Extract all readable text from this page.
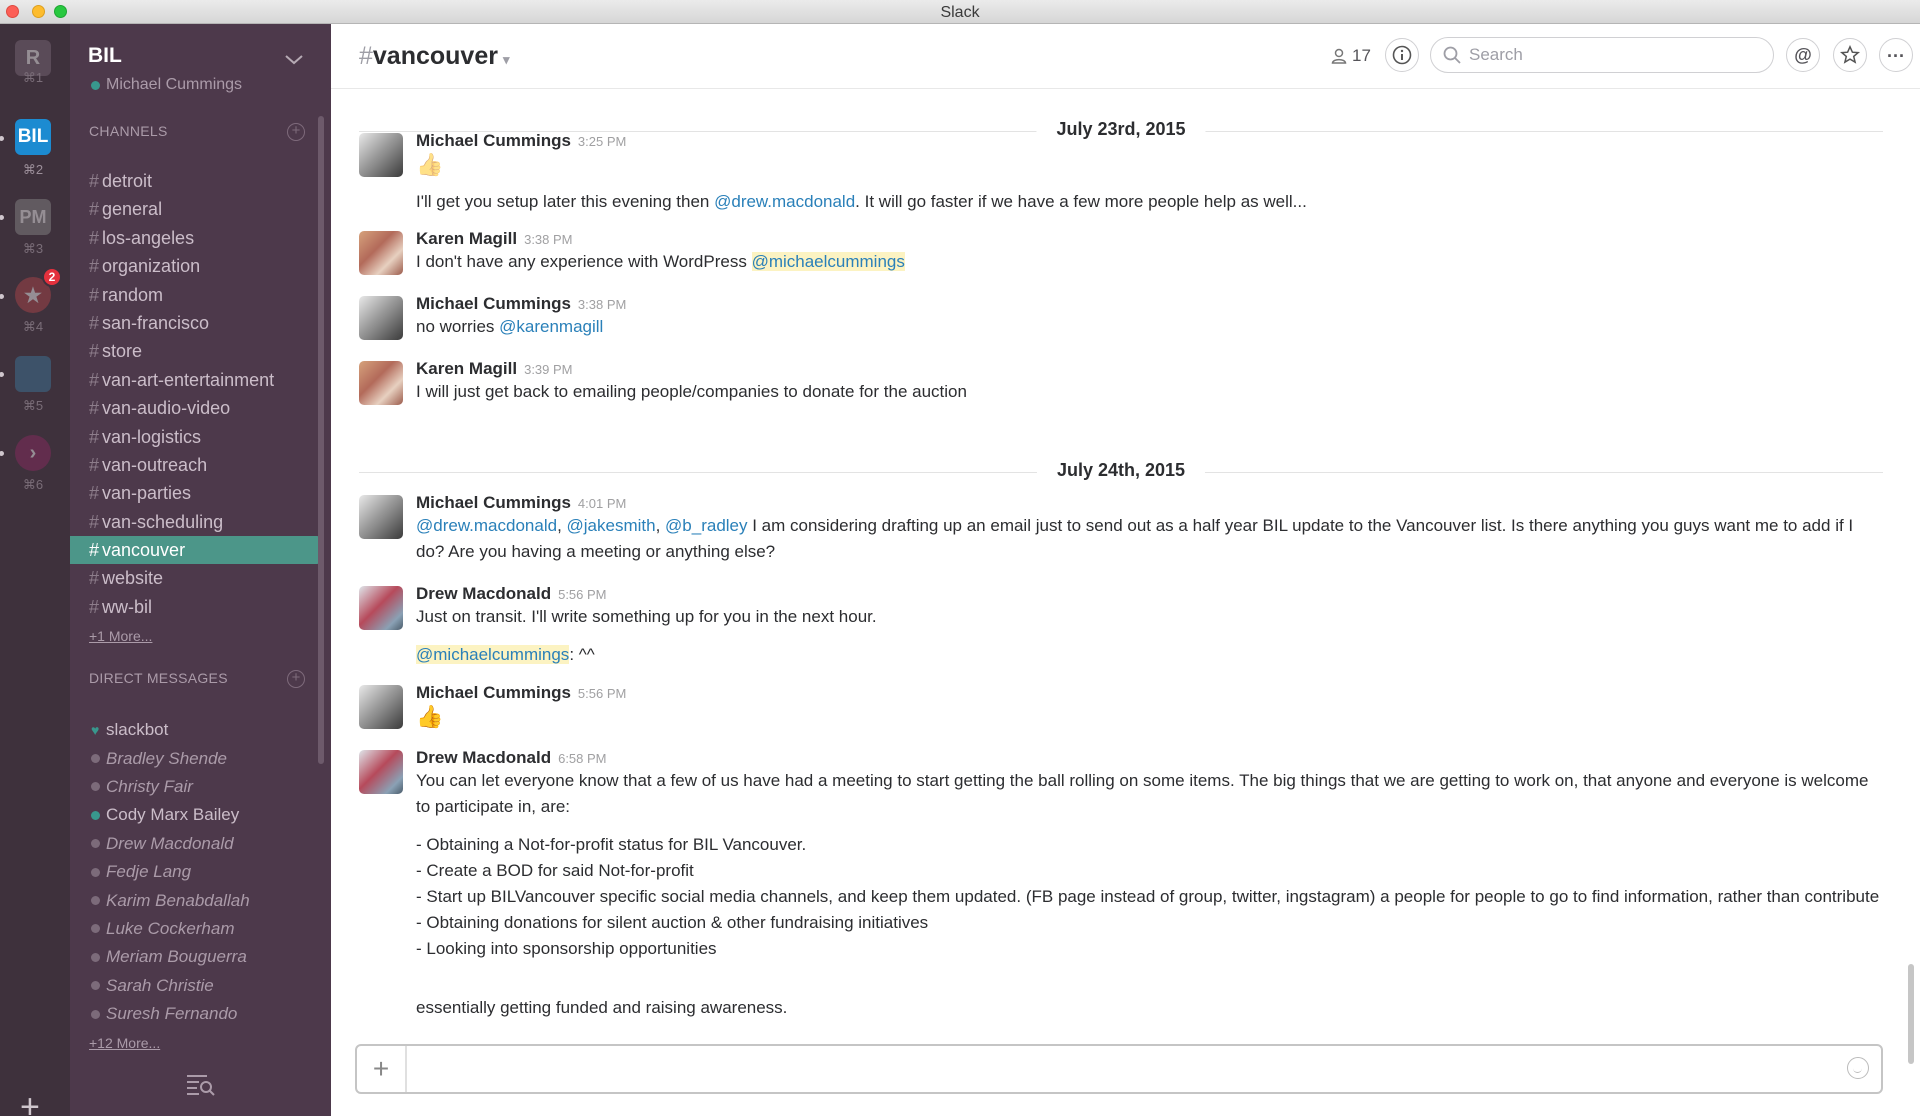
Slack
R
⌘1
BIL
⌘2
PM
⌘3
★
2
⌘4
⌘5
›
⌘6
+
BIL
Michael Cummings
CHANNELS	+
# detroit
# general
# los-angeles
# organization
# random
# san-francisco
# store
# van-art-entertainment
# van-audio-video
# van-logistics
# van-outreach
# van-parties
# van-scheduling
# vancouver
# website
# ww-bil
+1 More...
DIRECT MESSAGES	+
♥ slackbot
Bradley Shende
Christy Fair
Cody Marx Bailey
Drew Macdonald
Fedje Lang
Karim Benabdallah
Luke Cockerham
Meriam Bouguerra
Sarah Christie
Suresh Fernando
+12 More...
#vancouver ▾	17
Search	@	...
July 23rd, 2015
Michael Cummings 3:25 PM
👍
I'll get you setup later this evening then @drew.macdonald. It will go faster if we have a few more people help as well...
Karen Magill 3:38 PM
I don't have any experience with WordPress @michaelcummings
Michael Cummings 3:38 PM
no worries @karenmagill
Karen Magill 3:39 PM
I will just get back to emailing people/companies to donate for the auction
July 24th, 2015
Michael Cummings 4:01 PM
@drew.macdonald, @jakesmith, @b_radley I am considering drafting up an email just to send out as a half year BIL update to the Vancouver list. Is there anything you guys want me to add if I do? Are you having a meeting or anything else?
Drew Macdonald 5:56 PM
Just on transit. I'll write something up for you in the next hour.
@michaelcummings: ^^
Michael Cummings 5:56 PM
👍
Drew Macdonald 6:58 PM
You can let everyone know that a few of us have had a meeting to start getting the ball rolling on some items. The big things that we are getting to work on, that anyone and everyone is welcome to participate in, are:
- Obtaining a Not-for-profit status for BIL Vancouver.
- Create a BOD for said Not-for-profit
- Start up BILVancouver specific social media channels, and keep them updated. (FB page instead of group, twitter, ingstagram) a people for people to go to find information, rather than contribute
- Obtaining donations for silent auction & other fundraising initiatives
- Looking into sponsorship opportunities
essentially getting funded and raising awareness.
+
